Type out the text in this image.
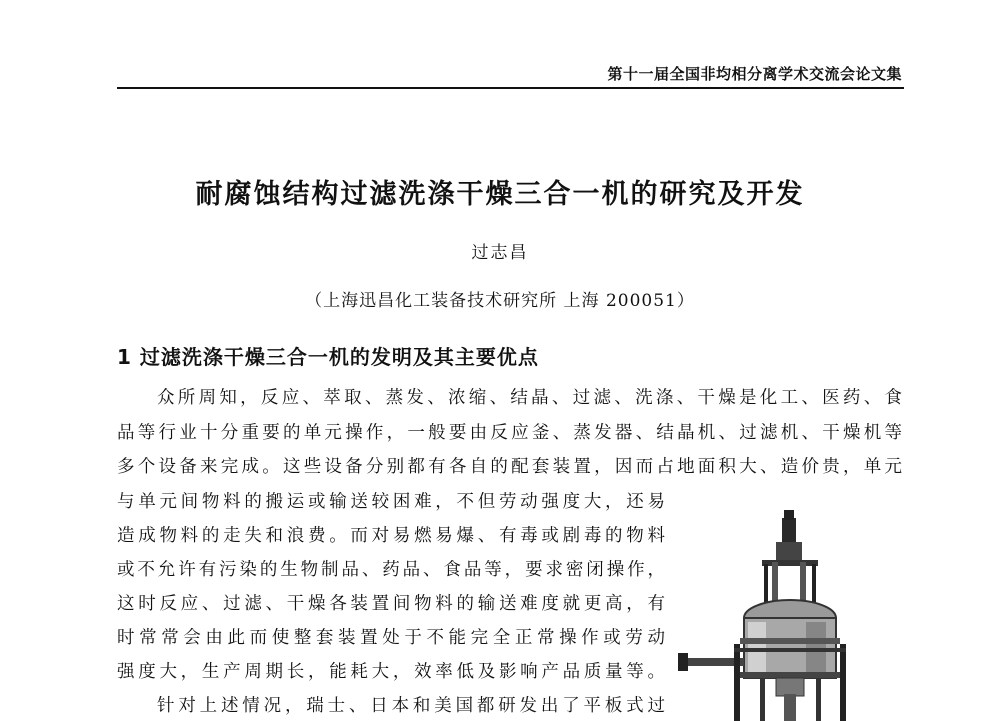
第十一届全国非均相分离学术交流会论文集
耐腐蚀结构过滤洗涤干燥三合一机的研究及开发
过志昌
（上海迅昌化工装备技术研究所 上海 200051）
1 过滤洗涤干燥三合一机的发明及其主要优点
众所周知，反应、萃取、蒸发、浓缩、结晶、过滤、洗涤、干燥是化工、医药、食
品等行业十分重要的单元操作，一般要由反应釜、蒸发器、结晶机、过滤机、干燥机等
多个设备来完成。这些设备分别都有各自的配套装置，因而占地面积大、造价贵，单元
与单元间物料的搬运或输送较困难，不但劳动强度大，还易
造成物料的走失和浪费。而对易燃易爆、有毒或剧毒的物料
或不允许有污染的生物制品、药品、食品等，要求密闭操作，
这时反应、过滤、干燥各装置间物料的输送难度就更高，有
时常常会由此而使整套装置处于不能完全正常操作或劳动
强度大，生产周期长，能耗大，效率低及影响产品质量等。
针对上述情况，瑞士、日本和美国都研发出了平板式过
